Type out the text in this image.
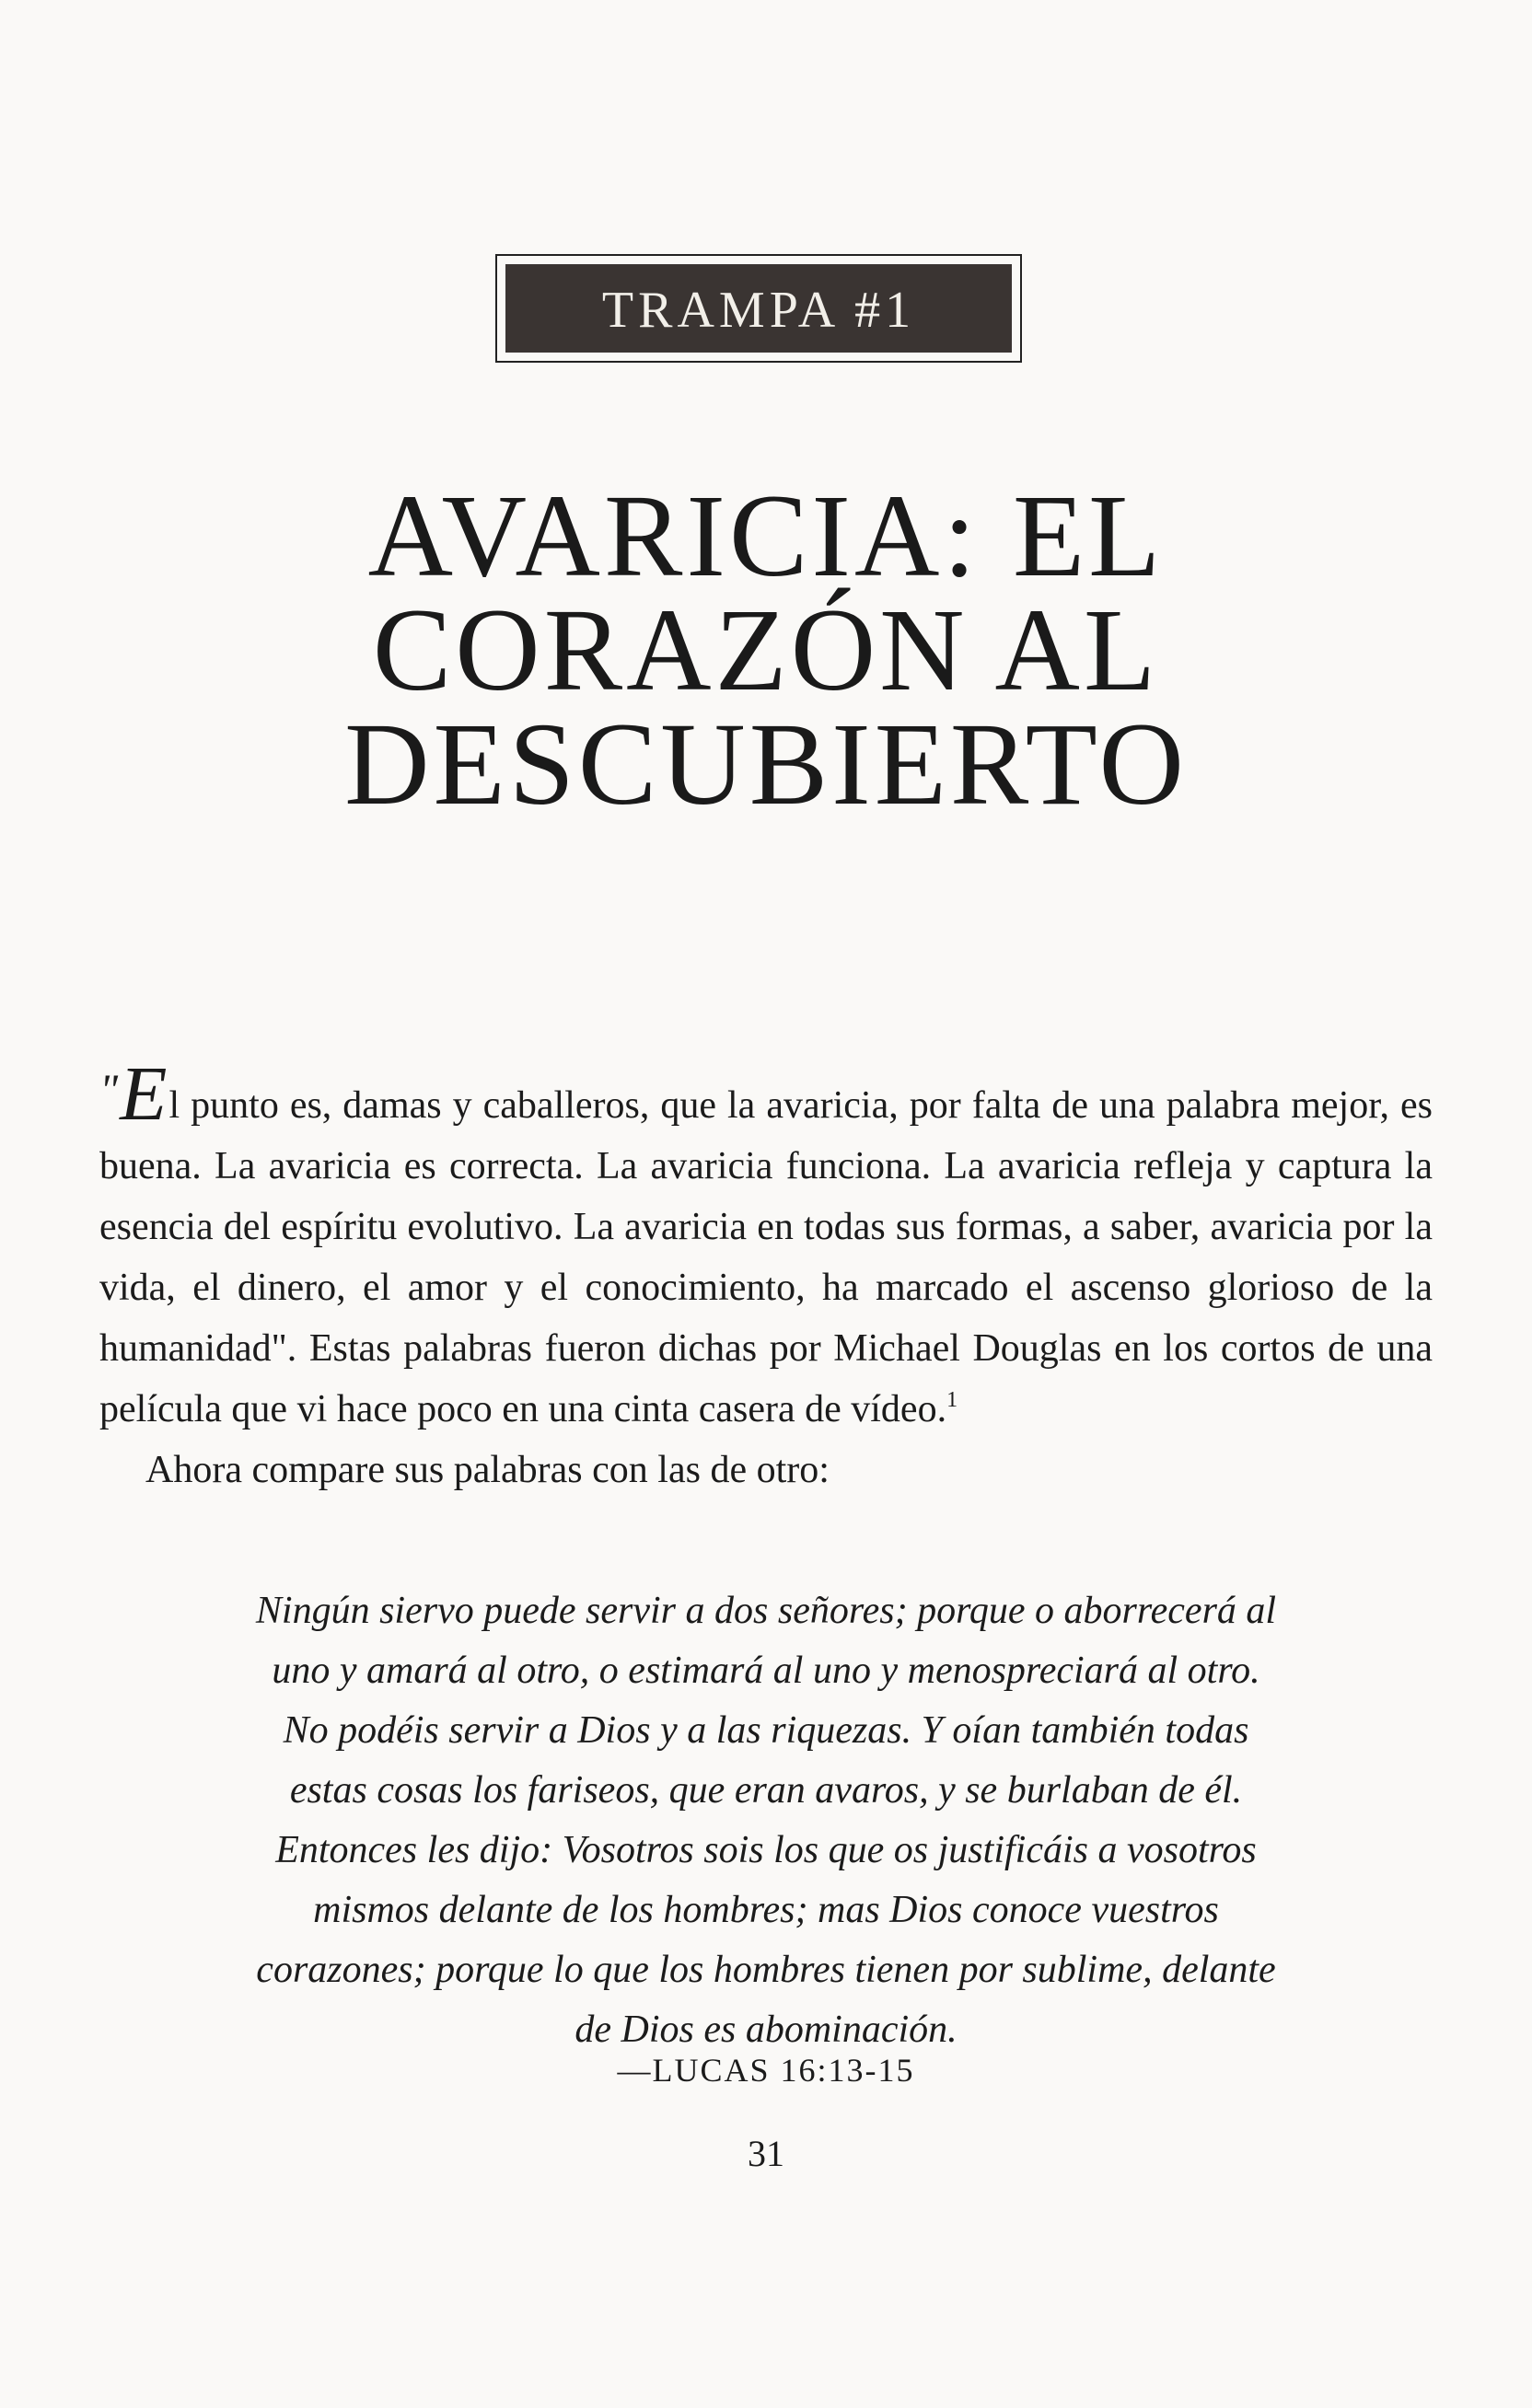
TRAMPA #1
AVARICIA: EL
CORAZÓN AL
DESCUBIERTO

"El punto es, damas y caballeros, que la avaricia, por falta de una palabra mejor, es buena. La avaricia es correcta. La avaricia funciona. La avaricia refleja y captura la esencia del espíritu evolutivo. La avaricia en todas sus formas, a saber, avaricia por la vida, el dinero, el amor y el conocimiento, ha marcado el ascenso glorioso de la humanidad". Estas palabras fueron dichas por Michael Douglas en los cortos de una película que vi hace poco en una cinta casera de vídeo.$^1$

Ahora compare sus palabras con las de otro:

Ningún siervo puede servir a dos señores; porque o aborrecerá al
uno y amará al otro, o estimará al uno y menospreciará al otro.
No podéis servir a Dios y a las riquezas. Y oían también todas
estas cosas los fariseos, que eran avaros, y se burlaban de él.
Entonces les dijo: Vosotros sois los que os justificáis a vosotros
mismos delante de los hombres; mas Dios conoce vuestros
corazones; porque lo que los hombres tienen por sublime, delante
de Dios es abominación.
—LUCAS 16:13-15
31
